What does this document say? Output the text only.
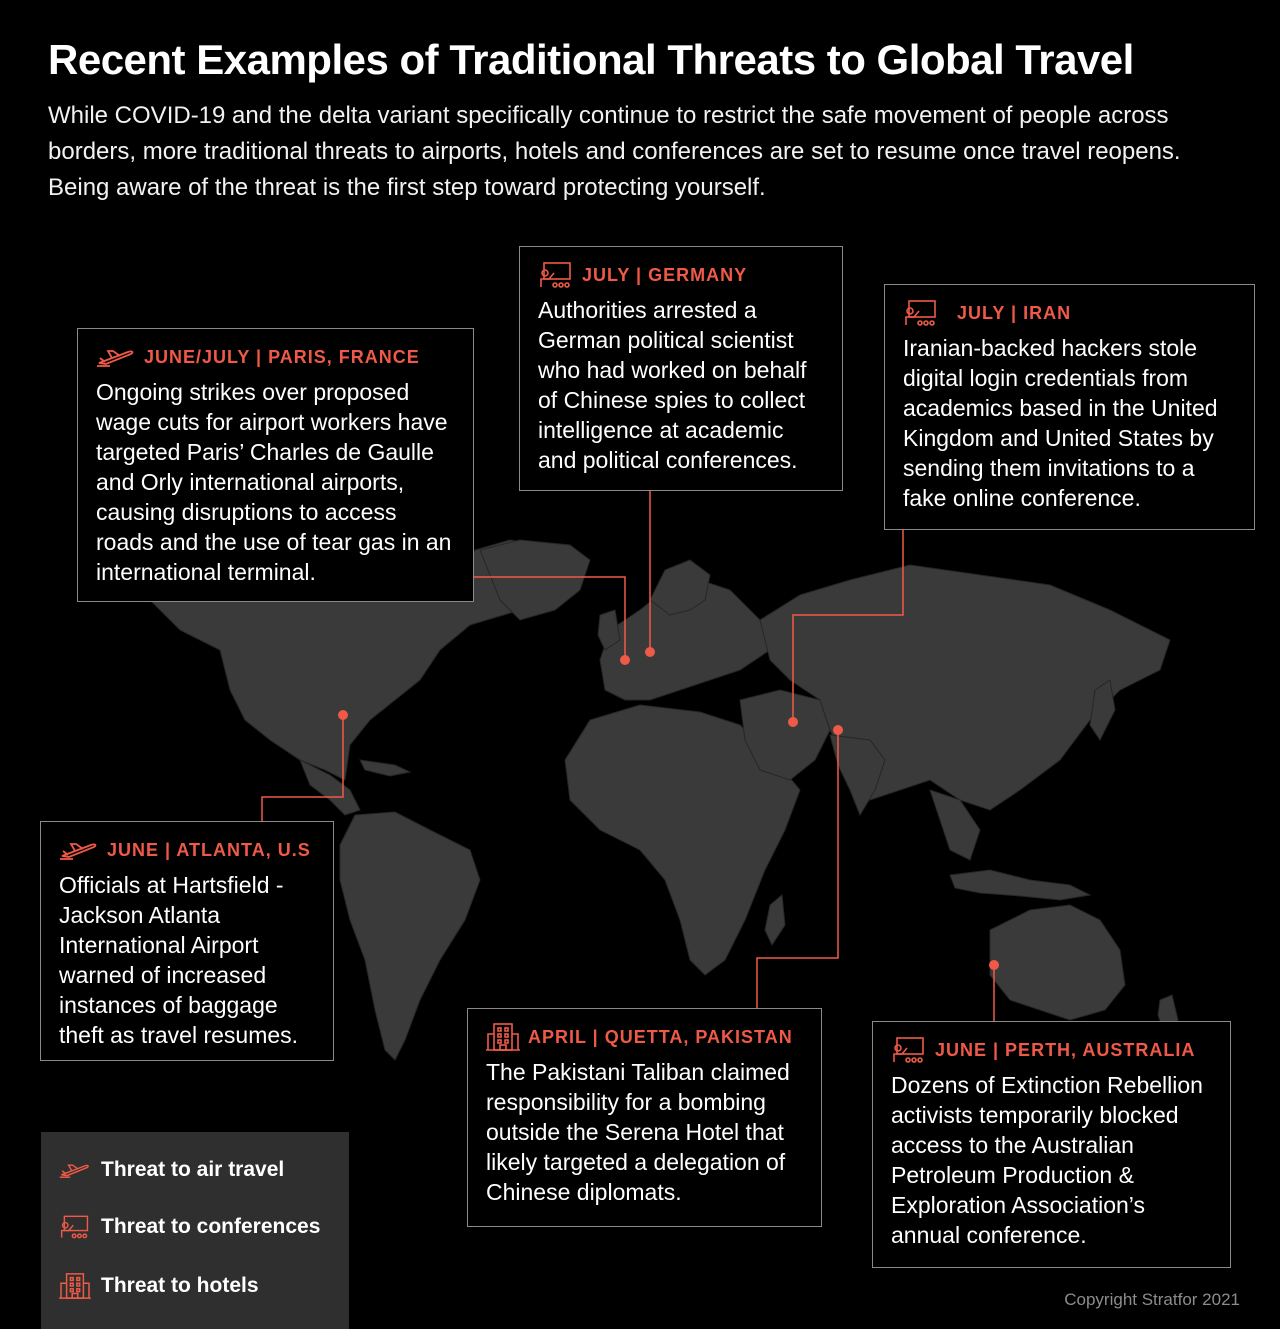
Recent Examples of Traditional Threats to Global Travel
While COVID-19 and the delta variant specifically continue to restrict the safe movement of people across borders, more traditional threats to airports, hotels and conferences are set to resume once travel reopens. Being aware of the threat is the first step toward protecting yourself.
JUNE/JULY | PARIS, FRANCE
Ongoing strikes over proposed wage cuts for airport workers have targeted Paris’ Charles de Gaulle and Orly international airports, causing disruptions to access roads and the use of tear gas in an international terminal.
JULY | GERMANY
Authorities arrested a German political scientist who had worked on behalf of Chinese spies to collect intelligence at academic and political conferences.
JULY | IRAN
Iranian-backed hackers stole digital login credentials from academics based in the United Kingdom and United States by sending them invitations to a fake online conference.
JUNE | ATLANTA, U.S
Officials at Hartsfield -Jackson Atlanta International Airport warned of increased instances of baggage theft as travel resumes.	APRIL | QUETTA, PAKISTAN
The Pakistani Taliban claimed responsibility for a bombing outside the Serena Hotel that likely targeted a delegation of Chinese diplomats.
JUNE | PERTH, AUSTRALIA
Dozens of Extinction Rebellion activists temporarily blocked access to the Australian Petroleum Production & Exploration Association’s annual conference.
Threat to air travel
Threat to conferences
Threat to hotels
Copyright Stratfor 2021
